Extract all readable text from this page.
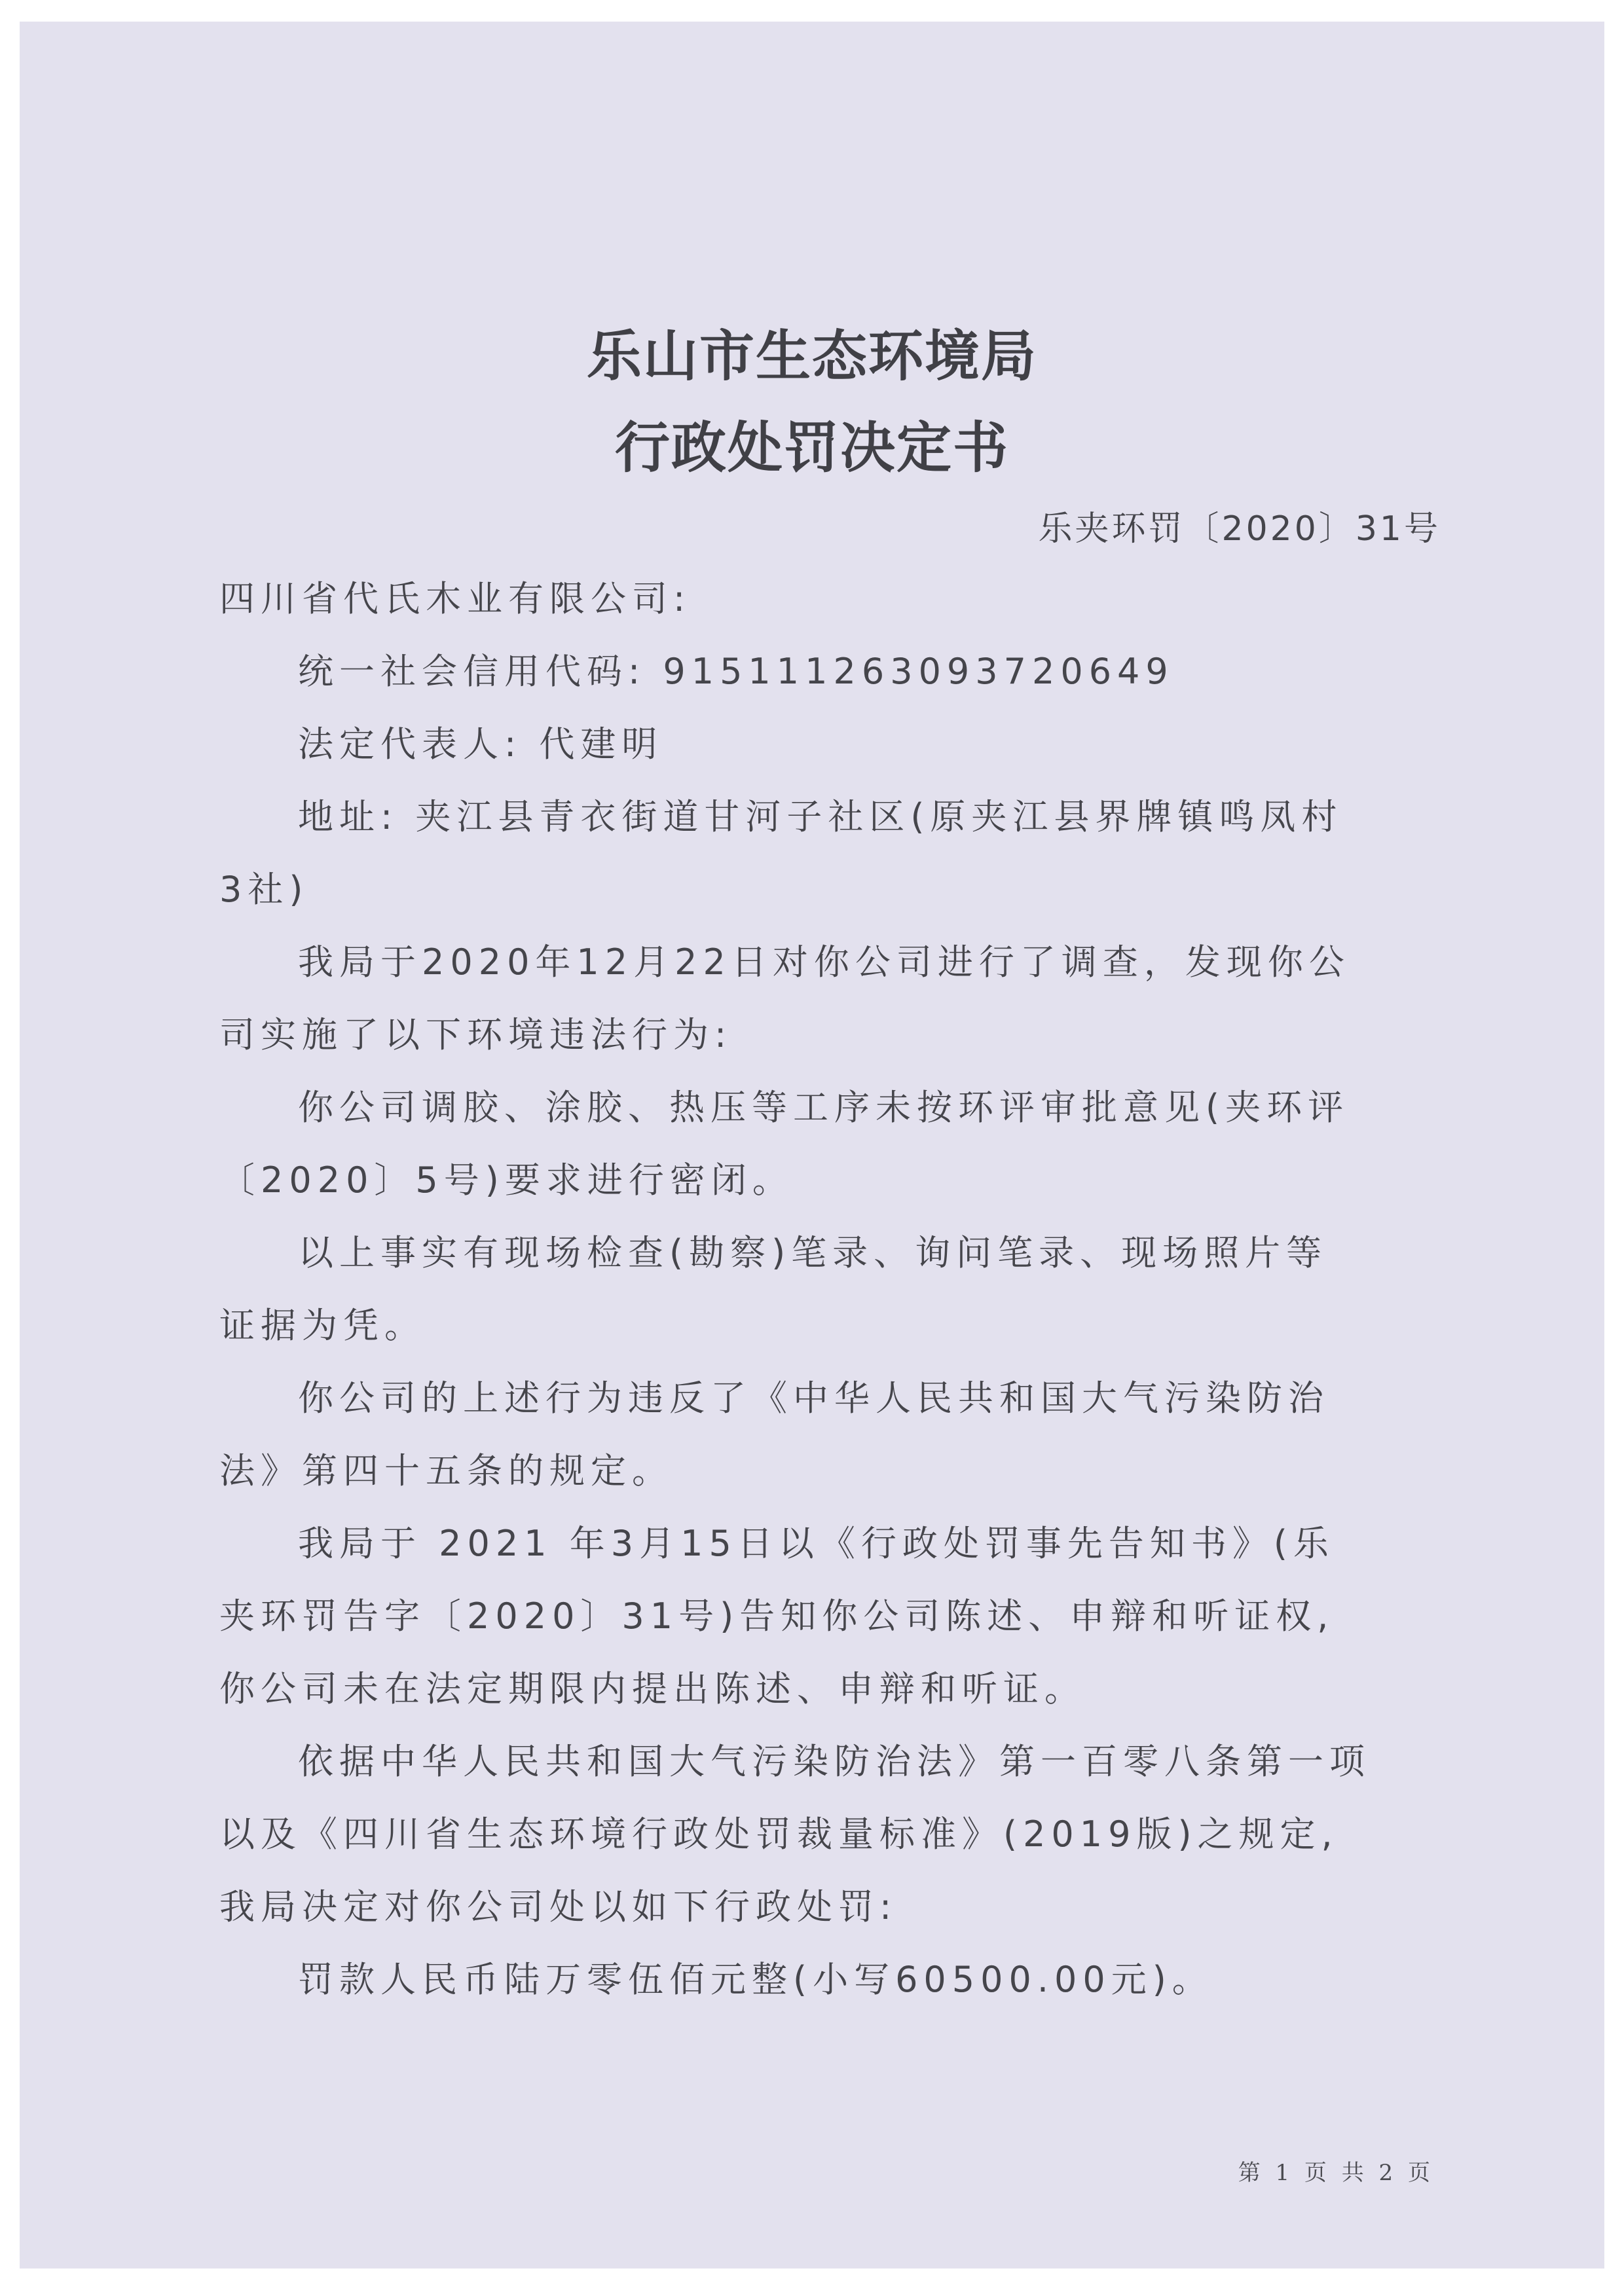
乐山市生态环境局
行政处罚决定书
乐夹环罚〔2020〕31号
四川省代氏木业有限公司:
统一社会信用代码: 915111263093720649
法定代表人: 代建明
地址: 夹江县青衣街道甘河子社区(原夹江县界牌镇鸣凤村
3社)
我局于2020年12月22日对你公司进行了调查，发现你公
司实施了以下环境违法行为:
你公司调胶、涂胶、热压等工序未按环评审批意见(夹环评
〔2020〕5号)要求进行密闭。
以上事实有现场检查(勘察)笔录、询问笔录、现场照片等
证据为凭。
你公司的上述行为违反了《中华人民共和国大气污染防治
法》第四十五条的规定。
我局于 2021 年3月15日以《行政处罚事先告知书》(乐
夹环罚告字〔2020〕31号)告知你公司陈述、申辩和听证权,
你公司未在法定期限内提出陈述、申辩和听证。
依据中华人民共和国大气污染防治法》第一百零八条第一项
以及《四川省生态环境行政处罚裁量标准》(2019版)之规定,
我局决定对你公司处以如下行政处罚:
罚款人民币陆万零伍佰元整(小写60500.00元)。
第 1 页 共 2 页
